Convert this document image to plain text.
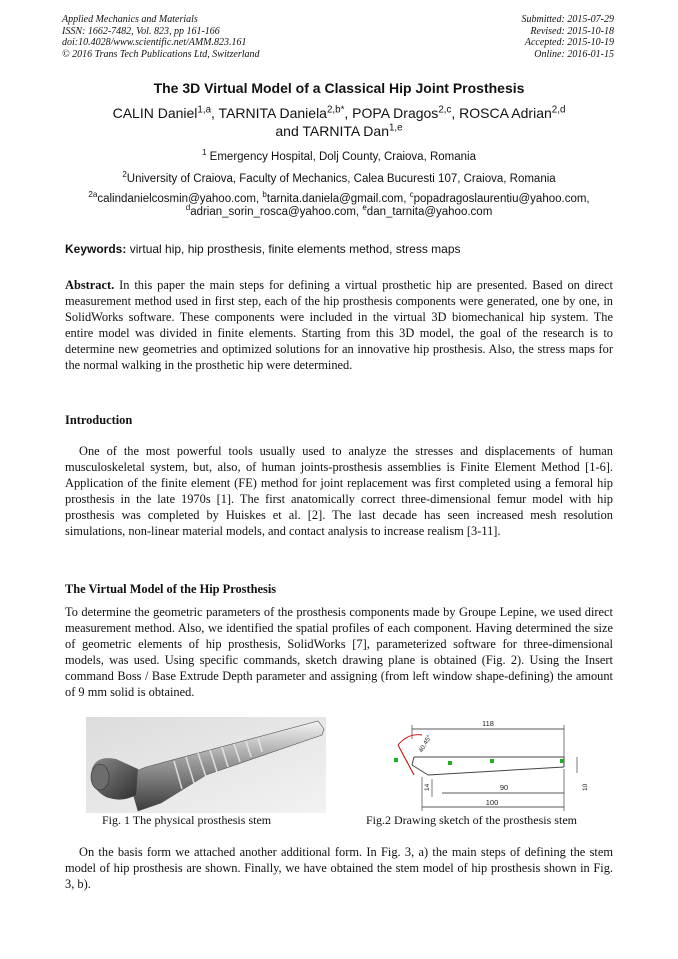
Applied Mechanics and Materials
ISSN: 1662-7482, Vol. 823, pp 161-166
doi:10.4028/www.scientific.net/AMM.823.161
© 2016 Trans Tech Publications Ltd, Switzerland
Submitted: 2015-07-29
Revised: 2015-10-18
Accepted: 2015-10-19
Online: 2016-01-15
The 3D Virtual Model of a Classical Hip Joint Prosthesis
CALIN Daniel$^{1,a}$, TARNITA Daniela$^{2,b*}$, POPA Dragos$^{2,c}$, ROSCA Adrian$^{2,d}$
and TARNITA Dan$^{1,e}$
$^1$ Emergency Hospital, Dolj County, Craiova, Romania
$^2$University of Craiova, Faculty of Mechanics, Calea Bucuresti 107, Craiova, Romania
$^{2a}$calindanielcosmin@yahoo.com, $^b$tarnita.daniela@gmail.com, $^c$popadragoslaurentiu@yahoo.com,
$^d$adrian_sorin_rosca@yahoo.com, $^e$dan_tarnita@yahoo.com
Keywords: virtual hip, hip prosthesis, finite elements method, stress maps
Abstract. In this paper the main steps for defining a virtual prosthetic hip are presented. Based on direct measurement method used in first step, each of the hip prosthesis components were generated, one by one, in SolidWorks software. These components were included in the virtual 3D biomechanical hip system. The entire model was divided in finite elements. Starting from this 3D model, the goal of the research is to determine new geometries and optimized solutions for an innovative hip prosthesis. Also, the stress maps for the normal walking in the prosthetic hip were determined.
Introduction
One of the most powerful tools usually used to analyze the stresses and displacements of human musculoskeletal system, but, also, of human joints-prosthesis assemblies is Finite Element Method [1-6]. Application of the finite element (FE) method for joint replacement was first completed using a femoral hip prosthesis in the late 1970s [1]. The first anatomically correct three-dimensional femur model with hip prosthesis was completed by Huiskes et al. [2]. The last decade has seen increased mesh resolution simulations, non-linear material models, and contact analysis to increase realism [3-11].
The Virtual Model of the Hip Prosthesis
To determine the geometric parameters of the prosthesis components made by Groupe Lepine, we used direct measurement method. Also, we identified the spatial profiles of each component. Having determined the size of geometric elements of hip prosthesis, SolidWorks [7], parameterized software for three-dimensional models, was used. Using specific commands, sketch drawing plane is obtained (Fig. 2). Using the Insert command Boss / Base Extrude Depth parameter and assigning (from left window shape-defining) the amount of 9 mm solid is obtained.
118
40,45°
90
100
14	10
Fig. 1 The physical prosthesis stem	Fig.2 Drawing sketch of the prosthesis stem
On the basis form we attached another additional form. In Fig. 3, a) the main steps of defining the stem model of hip prosthesis are shown. Finally, we have obtained the stem model of hip prosthesis shown in Fig. 3, b).
